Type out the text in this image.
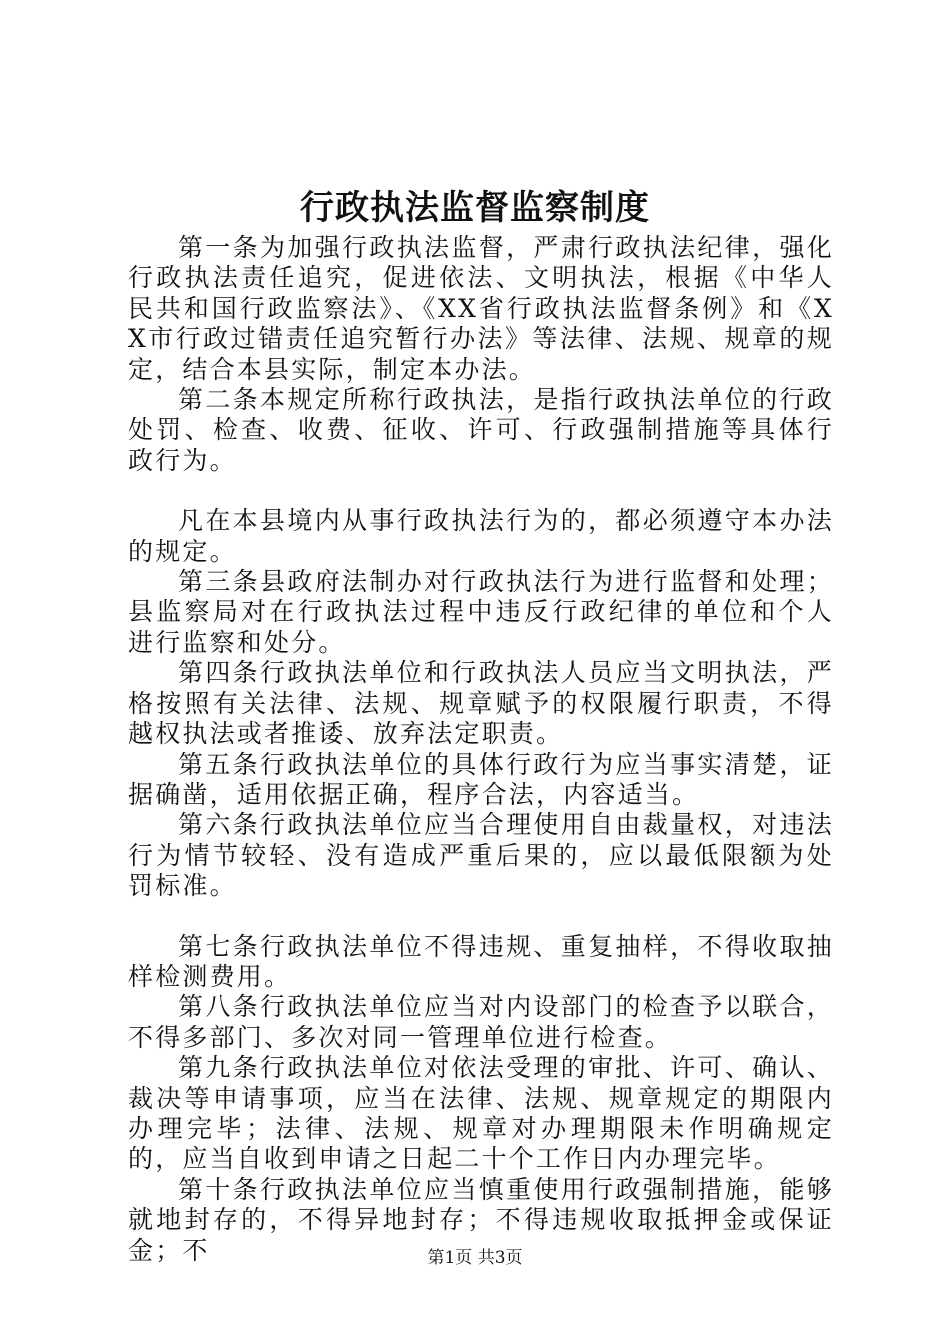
行政执法监督监察制度

第一条为加强行政执法监督，严肃行政执法纪律，强化行政执法责任追究，促进依法、文明执法，根据《中华人民共和国行政监察法》、《XX省行政执法监督条例》和《XX市行政过错责任追究暂行办法》等法律、法规、规章的规定，结合本县实际，制定本办法。

第二条本规定所称行政执法，是指行政执法单位的行政处罚、检查、收费、征收、许可、行政强制措施等具体行政行为。

凡在本县境内从事行政执法行为的，都必须遵守本办法的规定。

第三条县政府法制办对行政执法行为进行监督和处理；县监察局对在行政执法过程中违反行政纪律的单位和个人进行监察和处分。

第四条行政执法单位和行政执法人员应当文明执法，严格按照有关法律、法规、规章赋予的权限履行职责，不得越权执法或者推诿、放弃法定职责。

第五条行政执法单位的具体行政行为应当事实清楚，证据确凿，适用依据正确，程序合法，内容适当。

第六条行政执法单位应当合理使用自由裁量权，对违法行为情节较轻、没有造成严重后果的，应以最低限额为处罚标准。

第七条行政执法单位不得违规、重复抽样，不得收取抽样检测费用。

第八条行政执法单位应当对内设部门的检查予以联合，不得多部门、多次对同一管理单位进行检查。

第九条行政执法单位对依法受理的审批、许可、确认、裁决等申请事项，应当在法律、法规、规章规定的期限内办理完毕；法律、法规、规章对办理期限未作明确规定的，应当自收到申请之日起二十个工作日内办理完毕。

第十条行政执法单位应当慎重使用行政强制措施，能够就地封存的，不得异地封存；不得违规收取抵押金或保证金；不	第1页 共3页
